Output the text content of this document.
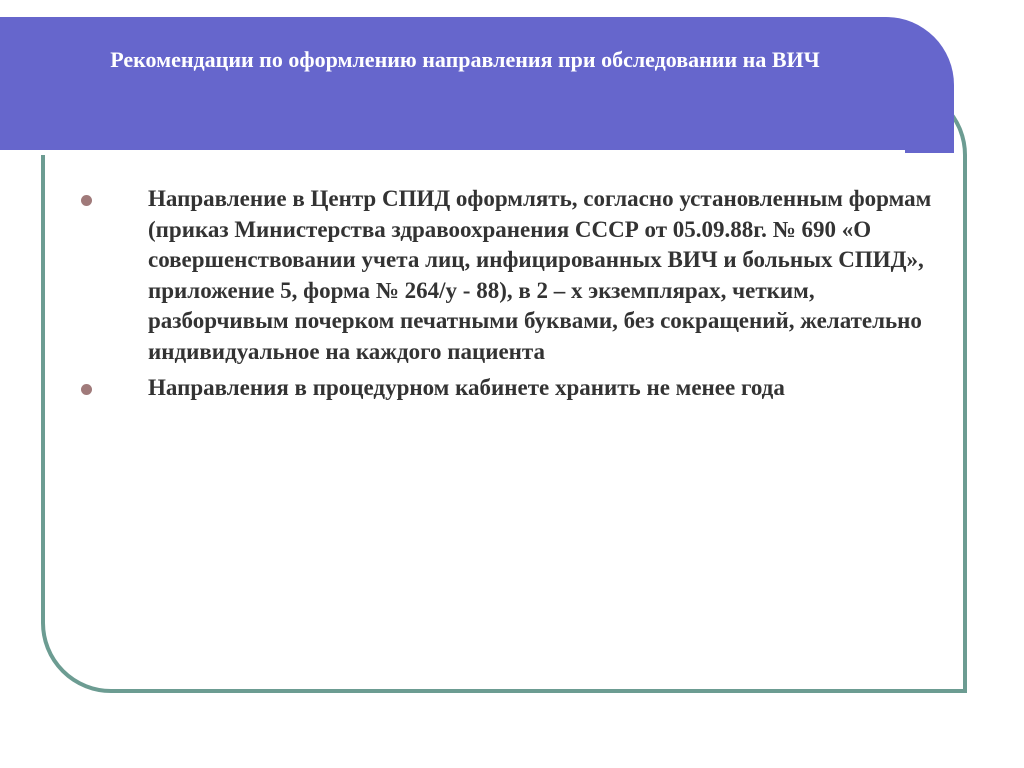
Рекомендации по оформлению направления при обследовании на ВИЧ
Направление в Центр СПИД оформлять, согласно установленным формам (приказ Министерства здравоохранения СССР от 05.09.88г. № 690 «О совершенствовании учета лиц, инфицированных ВИЧ и больных СПИД», приложение 5, форма № 264/у - 88), в 2 – х экземплярах, четким, разборчивым почерком печатными буквами, без сокращений, желательно индивидуальное на каждого пациента
Направления в процедурном кабинете хранить не менее года
